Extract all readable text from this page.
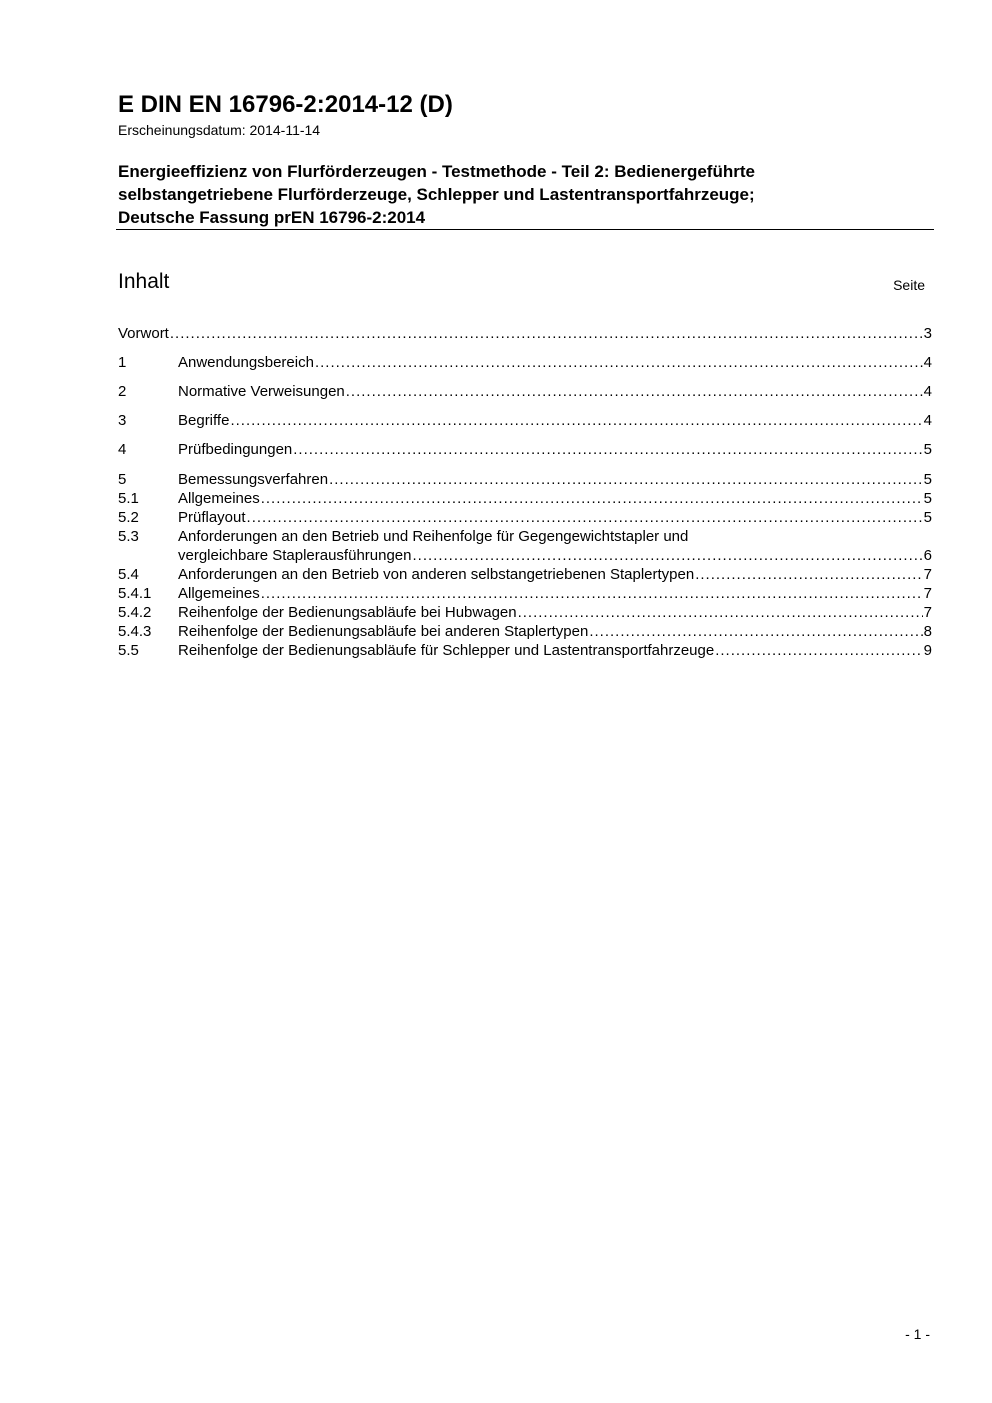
E DIN EN 16796-2:2014-12 (D)
Erscheinungsdatum: 2014-11-14
Energieeffizienz von Flurförderzeugen - Testmethode - Teil 2: Bedienergeführte
selbstangetriebene Flurförderzeuge, Schlepper und Lastentransportfahrzeuge;
Deutsche Fassung prEN 16796-2:2014
Inhalt	Seite
Vorwort .....	3
1	Anwendungsbereich .....	4
2	Normative Verweisungen .....	4
3	Begriffe .....	4
4	Prüfbedingungen .....	5
5	Bemessungsverfahren .....	5
5.1	Allgemeines .....	5
5.2	Prüflayout .....	5
5.3	Anforderungen an den Betrieb und Reihenfolge für Gegengewichtstapler und
vergleichbare Staplerausführungen .....	6
5.4	Anforderungen an den Betrieb von anderen selbstangetriebenen Staplertypen .....	7
5.4.1 Allgemeines .....	7
5.4.2 Reihenfolge der Bedienungsabläufe bei Hubwagen .....	7
5.4.3 Reihenfolge der Bedienungsabläufe bei anderen Staplertypen .....	8
5.5	Reihenfolge der Bedienungsabläufe für Schlepper und Lastentransportfahrzeuge .....	9
- 1 -
